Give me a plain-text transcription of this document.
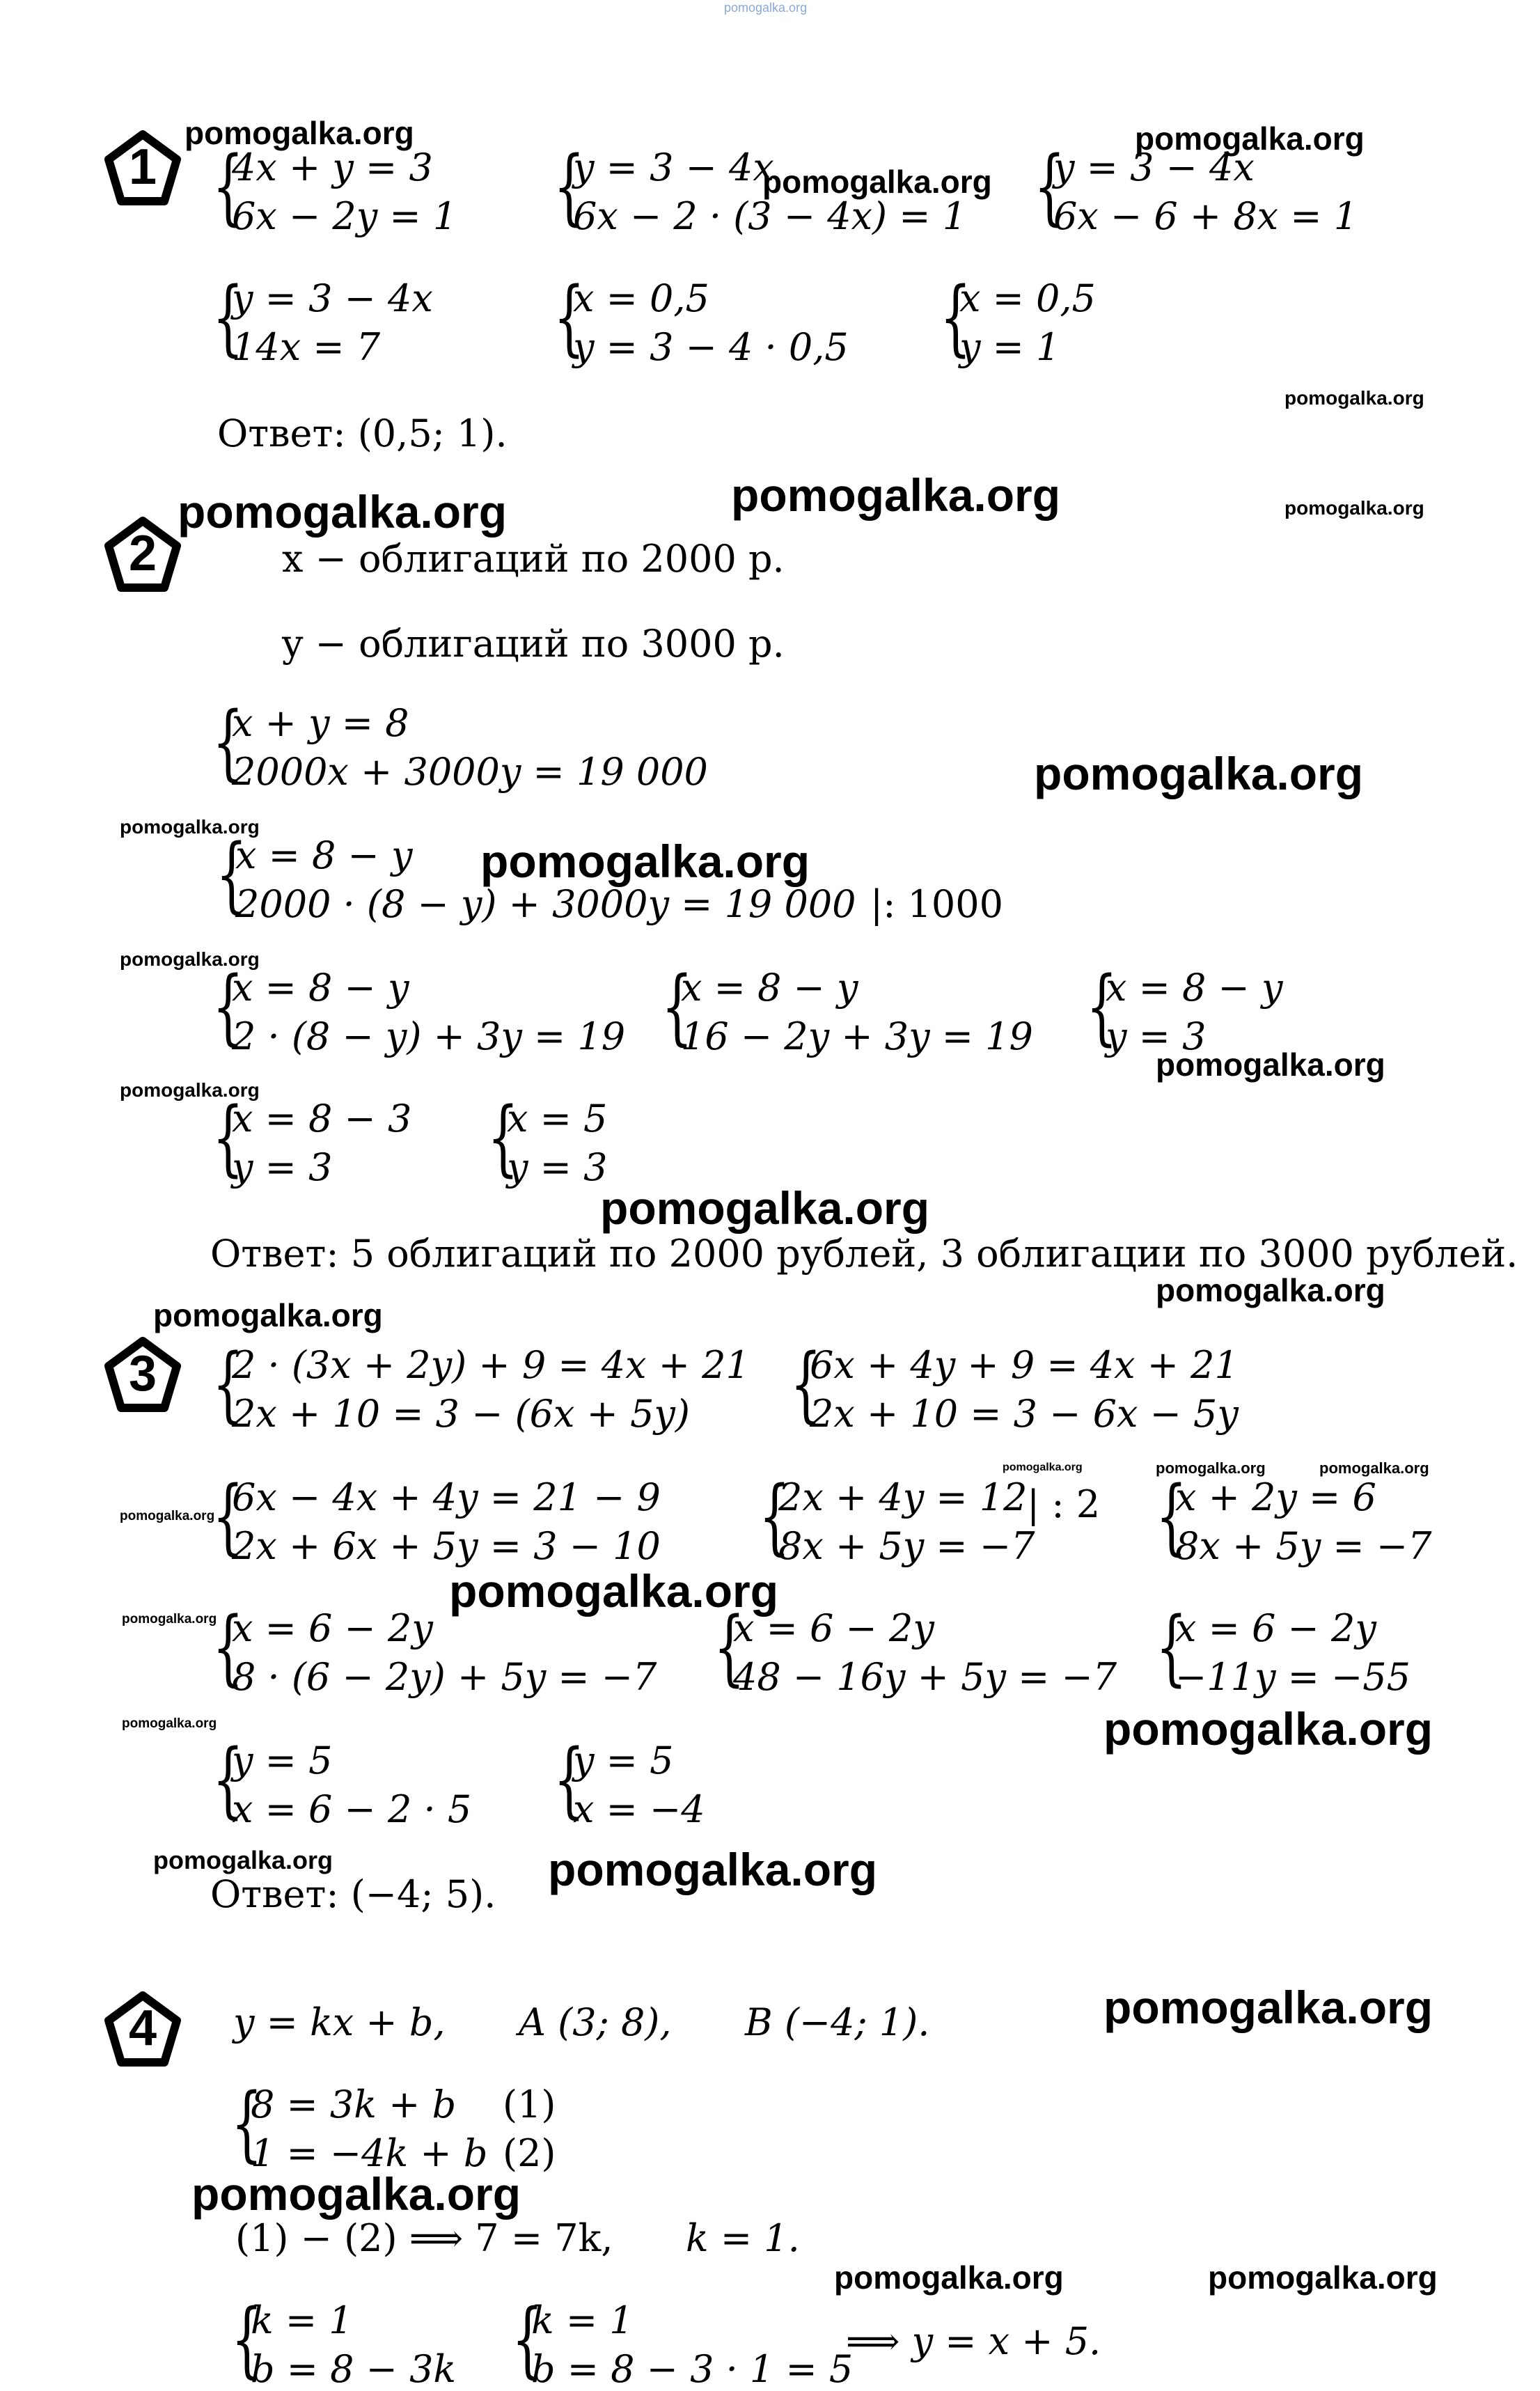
pomogalka.org
1
pomogalka.org	pomogalka.org
pomogalka.org
{
4x + y = 3
6x − 2y = 1 {
y = 3 − 4x
6x − 2 · (3 − 4x) = 1 {
y = 3 − 4x
6x − 6 + 8x = 1
{
y = 3 − 4x
14x = 7 {
x = 0,5
y = 3 − 4 · 0,5 {
x = 0,5
y = 1
pomogalka.org
Ответ: (0,5; 1).
pomogalka.org	pomogalka.org	pomogalka.org
2	x − облигаций по 2000 р.
y − облигаций по 3000 р.
{
x + y = 8
2000x + 3000y = 19 000	pomogalka.org
pomogalka.org
{
x = 8 − y
2000 · (8 − y) + 3000y = 19 000 |: 1000
pomogalka.org
pomogalka.org
{
x = 8 − y
2 · (8 − y) + 3y = 19 {
x = 8 − y
16 − 2y + 3y = 19 {
x = 8 − y
y = 3
pomogalka.org
pomogalka.org
{
x = 8 − 3
y = 3 {
x = 5
y = 3
pomogalka.org
Ответ: 5 облигаций по 2000 рублей, 3 облигации по 3000 рублей.
pomogalka.org
pomogalka.org
3 {
2 · (3x + 2y) + 9 = 4x + 21
2x + 10 = 3 − (6x + 5y) {
6x + 4y + 9 = 4x + 21
2x + 10 = 3 − 6x − 5y
pomogalka.org	pomogalka.org	pomogalka.org
pomogalka.org
{
6x − 4x + 4y = 21 − 9
2x + 6x + 5y = 3 − 10 {
2x + 4y = 12
8x + 5y = −7
| : 2 {
x + 2y = 6
8x + 5y = −7
pomogalka.org
pomogalka.org
{
x = 6 − 2y
8 · (6 − 2y) + 5y = −7 {
x = 6 − 2y
48 − 16y + 5y = −7 {
x = 6 − 2y
−11y = −55
pomogalka.org
pomogalka.org
{
y = 5
x = 6 − 2 · 5 {
y = 5
x = −4
pomogalka.org
Ответ: (−4; 5). pomogalka.org
4	y = kx + b, A (3; 8), B (−4; 1).	pomogalka.org
{
8 = 3k + b
1 = −4k + b
(1)
(2)
pomogalka.org
(1) − (2) ⟹ 7 = 7k, k = 1.
pomogalka.org	pomogalka.org
{
k = 1
b = 8 − 3k {
k = 1
b = 8 − 3 · 1 = 5
⟹ y = x + 5.
